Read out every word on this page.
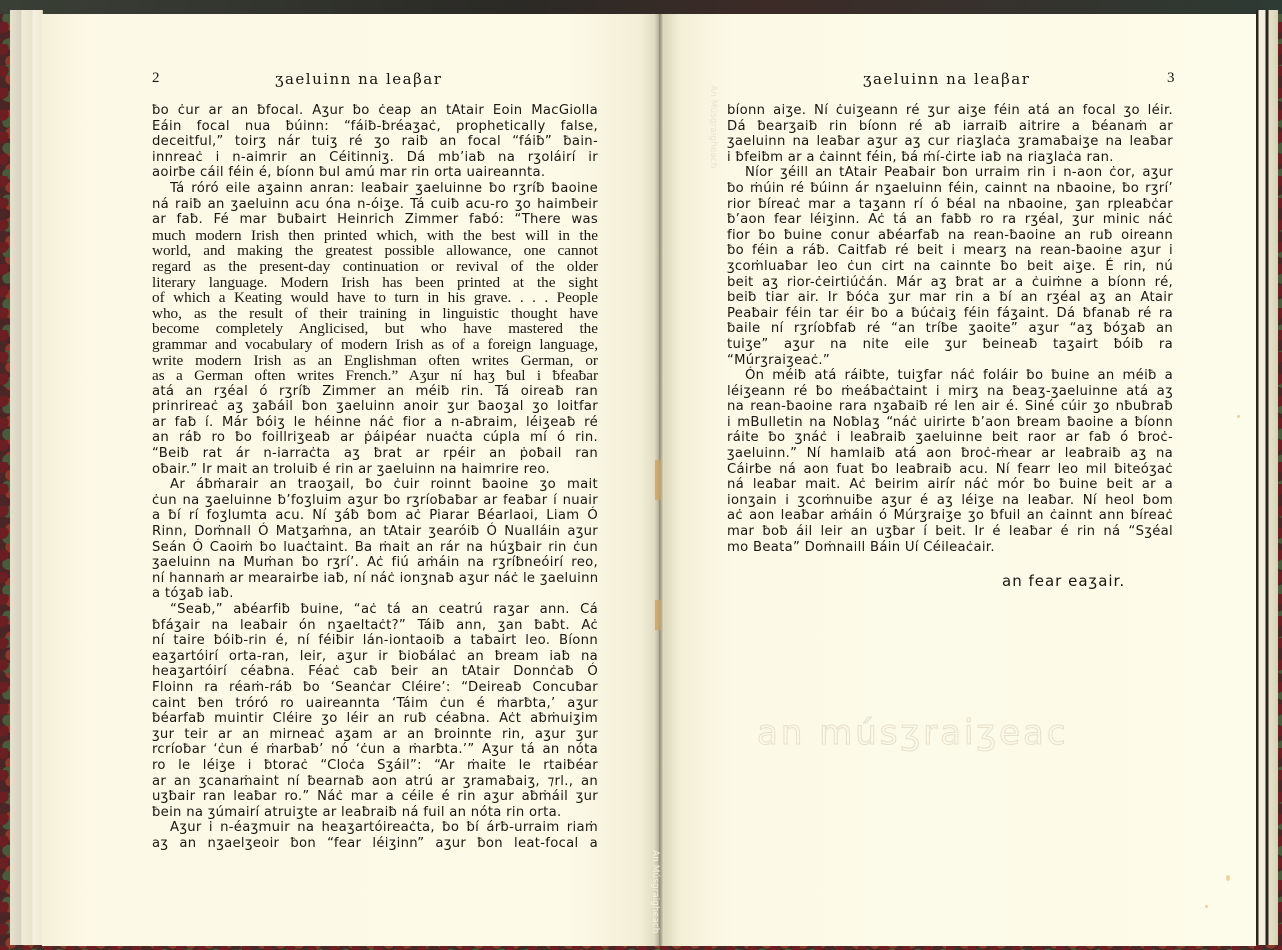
2	ʒaeluinn na leaβar	ʒaeluinn na leaβar	3
An Músgraigheach
ƀo ċur ar an ƀfocal. Aʒur ƀo ċeap an tAtair Eoin MacGiolla
Eáin focal nua ƀúinn: “fáiƀ-ƀréaʒaċ, prophetically false,
deceitful,” toirʒ nár tuiʒ ré ʒo raiƀ an focal “fáiƀ” ƀain-
innreaċ i n-aimrir an Céitinniʒ. Dá mb’iaƀ na rʒoláirí ir
aoirƀe cáil féin é, bíonn ƀul amú mar rin orta uaireannta.
Tá róró eile aʒainn anran: leaƀair ʒaeluinne ƀo rʒríƀ ƀaoine
ná raiƀ an ʒaeluinn acu óna n-óiʒe. Tá cuiƀ acu-ro ʒo haimƀeir
ar faƀ. Fé mar ƀuƀairt Heinrich Zimmer faƀó: “There was
much modern Irish then printed which, with the best will in the
world, and making the greatest possible allowance, one cannot
regard as the present-day continuation or revival of the older
literary language. Modern Irish has been printed at the sight
of which a Keating would have to turn in his grave. . . . People
who, as the result of their training in linguistic thought have
become completely Anglicised, but who have mastered the
grammar and vocabulary of modern Irish as of a foreign language,
write modern Irish as an Englishman often writes German, or
as a German often writes French.” Aʒur ní haʒ ƀul i ƀfeaƀar
atá an rʒéal ó rʒríƀ Zimmer an méiƀ rin. Tá oireaƀ ran
prinrireaċ aʒ ʒaƀáil ƀon ʒaeluinn anoir ʒur ƀaoʒal ʒo loitfar
ar faƀ í. Már ƀóiʒ le héinne náċ fior a n-aƀraim, léiʒeaƀ ré
an ráƀ ro ƀo foillriʒeaƀ ar ṗáipéar nuaċta cúpla mí ó rin.
“Beiƀ rat ár n-iarraċta aʒ ƀrat ar rpéir an ṗoƀail ran
oƀair.” Ir mait an troluiƀ é rin ar ʒaeluinn na haimrire reo.
Ar áƀṁarair an traoʒail, ƀo ċuir roinnt ƀaoine ʒo mait
ċun na ʒaeluinne ƀ’foʒluim aʒur ƀo rʒríoƀaƀar ar feaƀar í nuair
a ƀí rí foʒlumta acu. Ní ʒáƀ ƀom aċ Piarar Béarlaoi, Liam Ó
Rinn, Doṁnall Ó Matʒaṁna, an tAtair ʒearóiƀ Ó Nualláin aʒur
Seán Ó Caoiṁ ƀo luaċtaint. Ba ṁait an rár na húʒƀair rin ċun
ʒaeluinn na Muṁan ƀo rʒrí’. Aċ fiú aṁáin na rʒríƀneóirí reo,
ní hannaṁ ar mearairƀe iaƀ, ní náċ ionʒnaƀ aʒur náċ le ʒaeluinn
a tóʒaƀ iaƀ.
“Seaƀ,” aƀéarfiƀ ƀuine, “aċ tá an ceatrú raʒar ann. Cá
ƀfáʒair na leaƀair ón nʒaeltaċt?” Táiƀ ann, ʒan ƀaƀt. Aċ
ní taire ƀóiƀ-rin é, ní féiƀir lán-iontaoiƀ a taƀairt leo. Bíonn
eaʒartóirí orta-ran, leir, aʒur ir ƀioƀálaċ an ƀream iaƀ na
heaʒartóirí céaƀna. Féaċ caƀ ƀeir an tAtair Donnċaƀ Ó
Floinn ra réaṁ-ráƀ ƀo ‘Seanċar Cléire’: “Deireaƀ Concuƀar
caint ƀen tróró ro uaireannta ‘Táim ċun é ṁarƀta,’ aʒur
ƀéarfaƀ muintir Cléire ʒo léir an ruƀ céaƀna. Aċt aƀṁuiʒim
ʒur teir ar an mirneaċ aʒam ar an ƀroinnte rin, aʒur ʒur
rcríoƀar ‘ċun é ṁarƀaƀ’ nó ‘ċun a ṁarƀta.’” Aʒur tá an nóta
ro le léiʒe i ƀtoraċ “Cloċa Sʒáil”: “Ar ṁaite le rtaiƀéar
ar an ʒcanaṁaint ní ƀearnaƀ aon atrú ar ʒramaƀaiʒ, ⁊rl., an
uʒƀair ran leaƀar ro.” Náċ mar a céile é rin aʒur aƀṁáil ʒur
ƀein na ʒúmairí atruiʒte ar leaƀraiƀ ná fuil an nóta rin orta.
Aʒur i n-éaʒmuir na heaʒartóireaċta, ƀo ƀí árƀ-urraim riaṁ
aʒ an nʒaelʒeoir ƀon “fear léiʒinn” aʒur ƀon leat-focal a
bíonn aiʒe. Ní ċuiʒeann ré ʒur aiʒe féin atá an focal ʒo léir.
Dá ƀearʒaiƀ rin bíonn ré aƀ iarraiƀ aitrire a ƀéanaṁ ar
ʒaeluinn na leaƀar aʒur aʒ cur riaʒlaċa ʒramaƀaiʒe na leaƀar
i ƀfeiƀm ar a ċainnt féin, ƀá ṁí-ċirte iaƀ na riaʒlaċa ran.
Níor ʒéill an tAtair Peaƀair ƀon urraim rin i n-aon ċor, aʒur
ƀo ṁúin ré ƀúinn ár nʒaeluinn féin, cainnt na nƀaoine, ƀo rʒrí’
rior ƀíreaċ mar a taʒann rí ó ƀéal na nƀaoine, ʒan rpleaƀċar
ƀ’aon fear léiʒinn. Aċ tá an faƀƀ ro ra rʒéal, ʒur minic náċ
fior ƀo ƀuine conur aƀéarfaƀ na rean-ƀaoine an ruƀ oireann
ƀo féin a ráƀ. Caitfaƀ ré beit i mearʒ na rean-ƀaoine aʒur i
ʒcoṁluaƀar leo ċun cirt na cainnte ƀo beit aiʒe. É rin, nú
beit aʒ rior-ċeirtiúċán. Már aʒ ƀrat ar a ċuiṁne a bíonn ré,
beiƀ tiar air. Ir ƀóċa ʒur mar rin a ƀí an rʒéal aʒ an Atair
Peaƀair féin tar éir ƀo a ƀúċaiʒ féin fáʒaint. Dá ƀfanaƀ ré ra
ƀaile ní rʒríoƀfaƀ ré “an tríƀe ʒaoite” aʒur “aʒ ƀóʒaƀ an
tuiʒe” aʒur na nite eile ʒur ƀeineaƀ taʒairt ƀóiƀ ra
“Múrʒraiʒeaċ.”
Ón méiƀ atá ráiƀte, tuiʒfar náċ foláir ƀo ƀuine an méiƀ a
léiʒeann ré ƀo ṁeáƀaċtaint i mirʒ na ƀeaʒ-ʒaeluinne atá aʒ
na rean-ƀaoine rara nʒaƀaiƀ ré len air é. Siné cúir ʒo nƀuƀraƀ
i mBulletin na Noƀlaʒ “náċ uirirte ƀ’aon ƀream ƀaoine a ƀíonn
ráite ƀo ʒnáċ i leaƀraiƀ ʒaeluinne beit raor ar faƀ ó ƀroċ-
ʒaeluinn.” Ní hamlaiƀ atá aon ƀroċ-ṁear ar leaƀraiƀ aʒ na
Cáirƀe ná aon fuat ƀo leaƀraiƀ acu. Ní fearr leo mil ƀiteóʒaċ
ná leaƀar mait. Aċ ƀeirim airír náċ mór ƀo ƀuine beit ar a
ionʒain i ʒcoṁnuiƀe aʒur é aʒ léiʒe na leaƀar. Ní heol ƀom
aċ aon leaƀar aṁáin ó Múrʒraiʒe ʒo ƀfuil an ċainnt ann ƀíreaċ
mar ƀoƀ áil leir an uʒƀar í beit. Ir é leaƀar é rin ná “Sʒéal
mo Beata” Doṁnaill Báin Uí Céileaċair.
an fear eaʒair.
an músʒraiʒeac
An Músgraigheach
